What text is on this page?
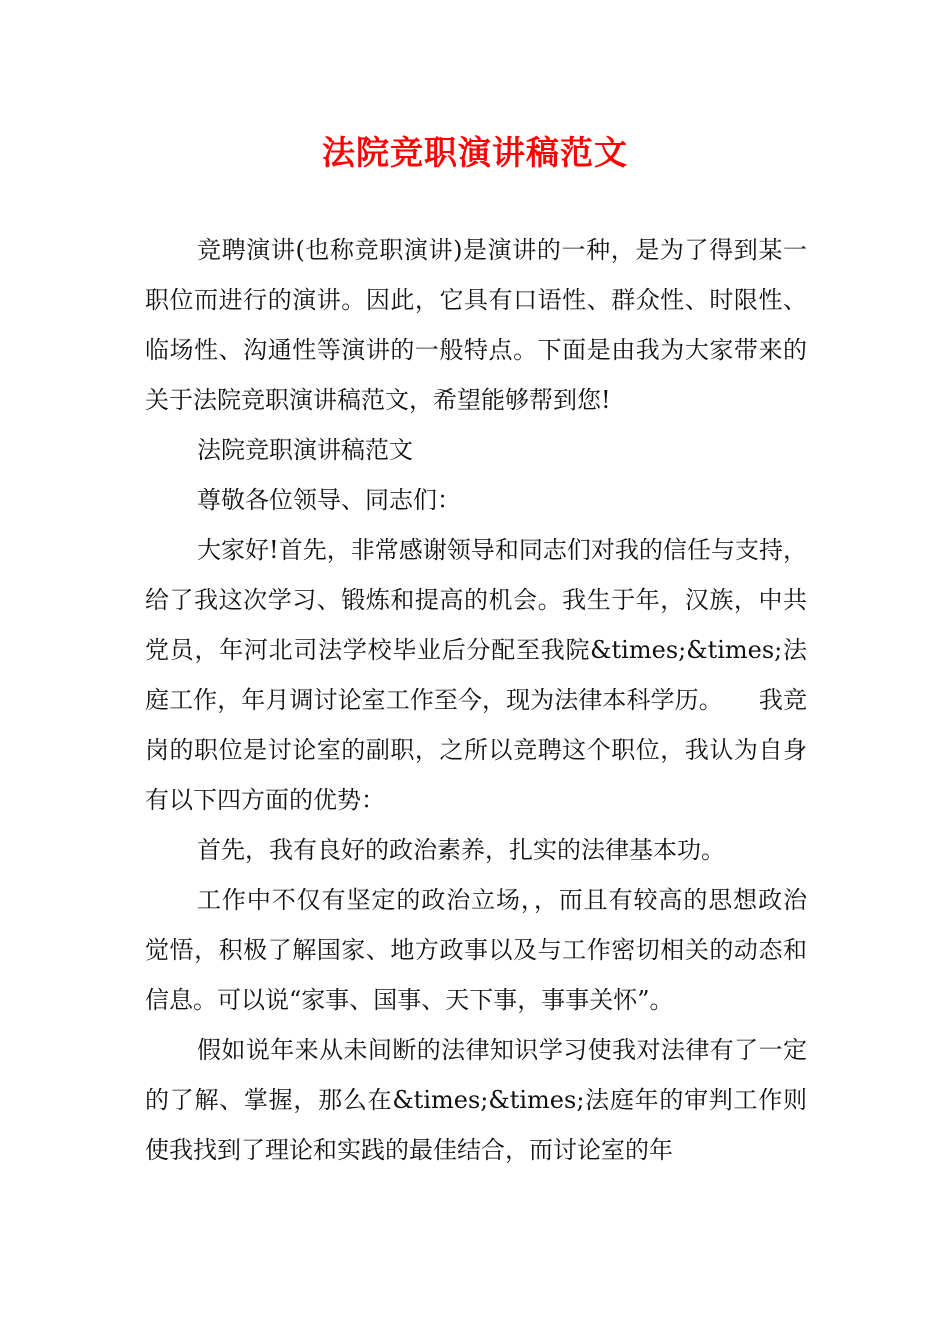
法院竞职演讲稿范文

竞聘演讲(也称竞职演讲)是演讲的一种，是为了得到某一职位而进行的演讲。因此，它具有口语性、群众性、时限性、临场性、沟通性等演讲的一般特点。下面是由我为大家带来的关于法院竞职演讲稿范文，希望能够帮到您!

法院竞职演讲稿范文

尊敬各位领导、同志们：

大家好!首先，非常感谢领导和同志们对我的信任与支持，给了我这次学习、锻炼和提高的机会。我生于年，汉族，中共党员，年河北司法学校毕业后分配至我院&times;&times;法庭工作，年月调讨论室工作至今，现为法律本科学历。　　我竞岗的职位是讨论室的副职，之所以竞聘这个职位，我认为自身有以下四方面的优势：

首先，我有良好的政治素养，扎实的法律基本功。

工作中不仅有坚定的政治立场，，而且有较高的思想政治觉悟，积极了解国家、地方政事以及与工作密切相关的动态和信息。可以说“家事、国事、天下事，事事关怀”。

假如说年来从未间断的法律知识学习使我对法律有了一定的了解、掌握，那么在&times;&times;法庭年的审判工作则使我找到了理论和实践的最佳结合，而讨论室的年
